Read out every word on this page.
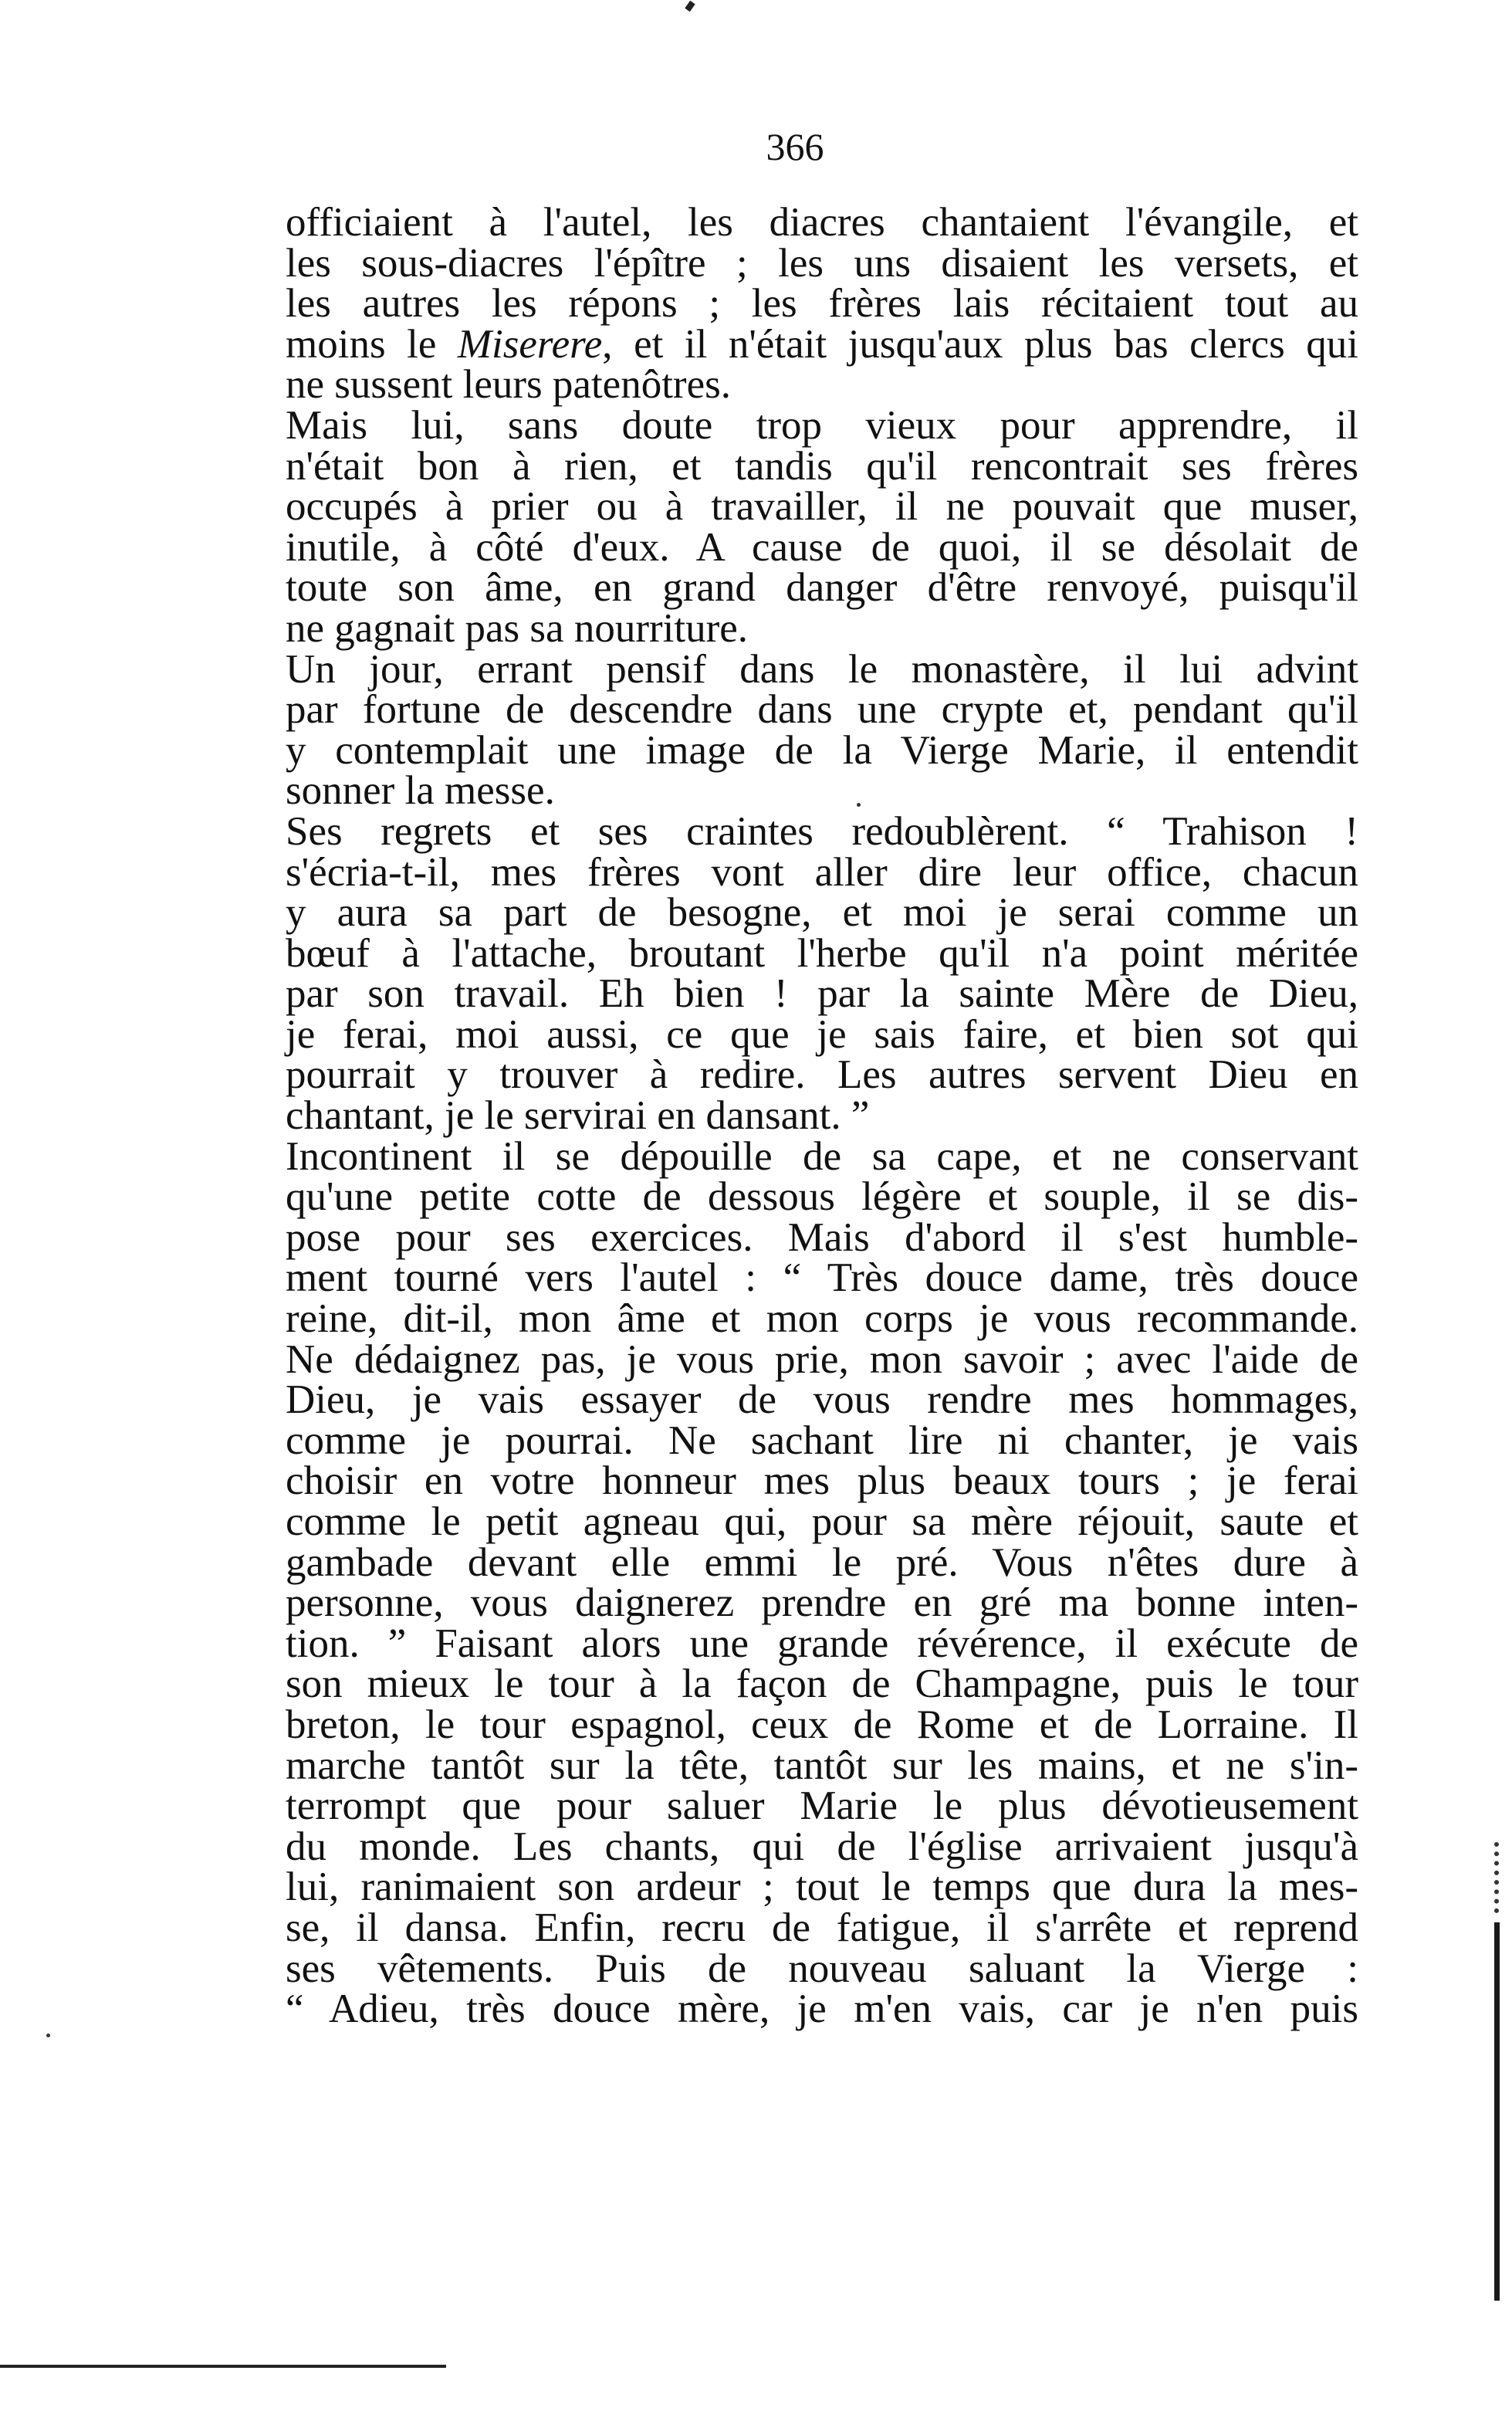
366
officiaient à l'autel, les diacres chantaient l'évangile, et
les sous-diacres l'épître ; les uns disaient les versets, et
les autres les répons ; les frères lais récitaient tout au
moins le Miserere, et il n'était jusqu'aux plus bas clercs qui
ne sussent leurs patenôtres.
Mais lui, sans doute trop vieux pour apprendre, il
n'était bon à rien, et tandis qu'il rencontrait ses frères
occupés à prier ou à travailler, il ne pouvait que muser,
inutile, à côté d'eux. A cause de quoi, il se désolait de
toute son âme, en grand danger d'être renvoyé, puisqu'il
ne gagnait pas sa nourriture.
Un jour, errant pensif dans le monastère, il lui advint
par fortune de descendre dans une crypte et, pendant qu'il
y contemplait une image de la Vierge Marie, il entendit
sonner la messe.
Ses regrets et ses craintes redoublèrent. “ Trahison !
s'écria-t-il, mes frères vont aller dire leur office, chacun
y aura sa part de besogne, et moi je serai comme un
bœuf à l'attache, broutant l'herbe qu'il n'a point méritée
par son travail. Eh bien ! par la sainte Mère de Dieu,
je ferai, moi aussi, ce que je sais faire, et bien sot qui
pourrait y trouver à redire. Les autres servent Dieu en
chantant, je le servirai en dansant. ”
Incontinent il se dépouille de sa cape, et ne conservant
qu'une petite cotte de dessous légère et souple, il se dis-
pose pour ses exercices. Mais d'abord il s'est humble-
ment tourné vers l'autel : “ Très douce dame, très douce
reine, dit-il, mon âme et mon corps je vous recommande.
Ne dédaignez pas, je vous prie, mon savoir ; avec l'aide de
Dieu, je vais essayer de vous rendre mes hommages,
comme je pourrai. Ne sachant lire ni chanter, je vais
choisir en votre honneur mes plus beaux tours ; je ferai
comme le petit agneau qui, pour sa mère réjouit, saute et
gambade devant elle emmi le pré. Vous n'êtes dure à
personne, vous daignerez prendre en gré ma bonne inten-
tion. ” Faisant alors une grande révérence, il exécute de
son mieux le tour à la façon de Champagne, puis le tour
breton, le tour espagnol, ceux de Rome et de Lorraine. Il
marche tantôt sur la tête, tantôt sur les mains, et ne s'in-
terrompt que pour saluer Marie le plus dévotieusement
du monde. Les chants, qui de l'église arrivaient jusqu'à
lui, ranimaient son ardeur ; tout le temps que dura la mes-
se, il dansa. Enfin, recru de fatigue, il s'arrête et reprend
ses vêtements. Puis de nouveau saluant la Vierge :
“ Adieu, très douce mère, je m'en vais, car je n'en puis
